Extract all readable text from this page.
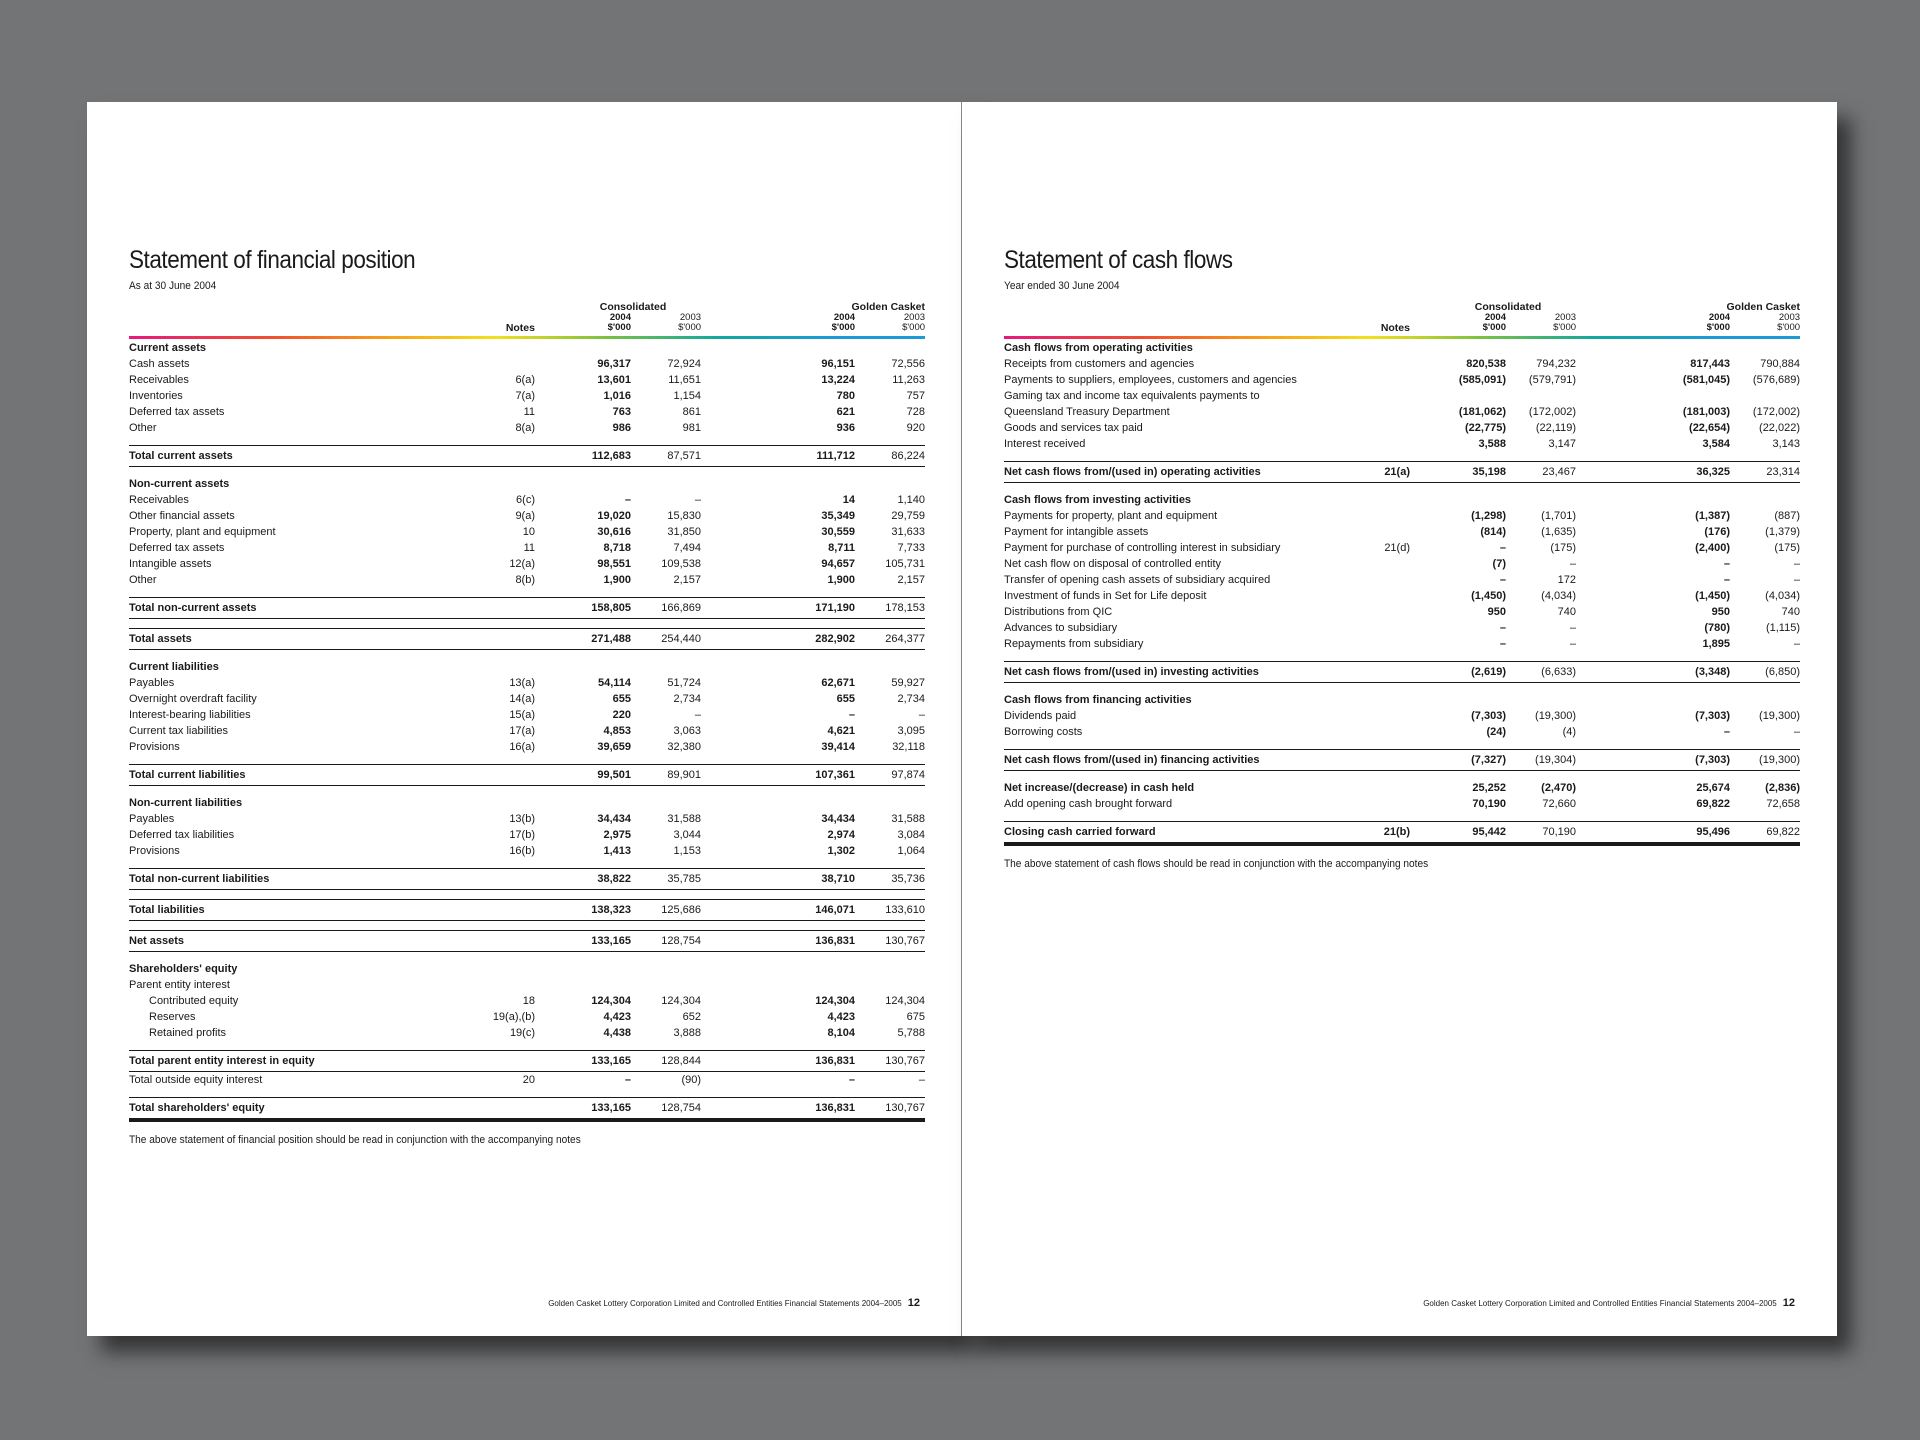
Statement of financial position
As at 30 June 2004
		Consolidated			Golden Casket	
		2004	2003		2004	2003
	Notes	$'000	$'000		$'000	$'000

Current assets						
Cash assets		96,317	72,924		96,151	72,556
Receivables	6(a)	13,601	11,651		13,224	11,263
Inventories	7(a)	1,016	1,154		780	757
Deferred tax assets	11	763	861		621	728
Other	8(a)	986	981		936	920

Total current assets		112,683	87,571		111,712	86,224

Non-current assets						
Receivables	6(c)	–	–		14	1,140
Other financial assets	9(a)	19,020	15,830		35,349	29,759
Property, plant and equipment	10	30,616	31,850		30,559	31,633
Deferred tax assets	11	8,718	7,494		8,711	7,733
Intangible assets	12(a)	98,551	109,538		94,657	105,731
Other	8(b)	1,900	2,157		1,900	2,157

Total non-current assets		158,805	166,869		171,190	178,153

Total assets		271,488	254,440		282,902	264,377

Current liabilities						
Payables	13(a)	54,114	51,724		62,671	59,927
Overnight overdraft facility	14(a)	655	2,734		655	2,734
Interest-bearing liabilities	15(a)	220	–		–	–
Current tax liabilities	17(a)	4,853	3,063		4,621	3,095
Provisions	16(a)	39,659	32,380		39,414	32,118

Total current liabilities		99,501	89,901		107,361	97,874

Non-current liabilities						
Payables	13(b)	34,434	31,588		34,434	31,588
Deferred tax liabilities	17(b)	2,975	3,044		2,974	3,084
Provisions	16(b)	1,413	1,153		1,302	1,064

Total non-current liabilities		38,822	35,785		38,710	35,736

Total liabilities		138,323	125,686		146,071	133,610

Net assets		133,165	128,754		136,831	130,767

Shareholders' equity						
Parent entity interest						
Contributed equity	18	124,304	124,304		124,304	124,304
Reserves	19(a),(b)	4,423	652		4,423	675
Retained profits	19(c)	4,438	3,888		8,104	5,788

Total parent entity interest in equity		133,165	128,844		136,831	130,767
Total outside equity interest	20	–	(90)		–	–

Total shareholders' equity		133,165	128,754		136,831	130,767
The above statement of financial position should be read in conjunction with the accompanying notes
Golden Casket Lottery Corporation Limited and Controlled Entities Financial Statements 2004–2005 12
Statement of cash flows
Year ended 30 June 2004
		Consolidated			Golden Casket	
		2004	2003		2004	2003
	Notes	$'000	$'000		$'000	$'000

Cash flows from operating activities						
Receipts from customers and agencies		820,538	794,232		817,443	790,884
Payments to suppliers, employees, customers and agencies		(585,091)	(579,791)		(581,045)	(576,689)
Gaming tax and income tax equivalents payments to						
Queensland Treasury Department		(181,062)	(172,002)		(181,003)	(172,002)
Goods and services tax paid		(22,775)	(22,119)		(22,654)	(22,022)
Interest received		3,588	3,147		3,584	3,143

Net cash flows from/(used in) operating activities	21(a)	35,198	23,467		36,325	23,314

Cash flows from investing activities						
Payments for property, plant and equipment		(1,298)	(1,701)		(1,387)	(887)
Payment for intangible assets		(814)	(1,635)		(176)	(1,379)
Payment for purchase of controlling interest in subsidiary	21(d)	–	(175)		(2,400)	(175)
Net cash flow on disposal of controlled entity		(7)	–		–	–
Transfer of opening cash assets of subsidiary acquired		–	172		–	–
Investment of funds in Set for Life deposit		(1,450)	(4,034)		(1,450)	(4,034)
Distributions from QIC		950	740		950	740
Advances to subsidiary		–	–		(780)	(1,115)
Repayments from subsidiary		–	–		1,895	–

Net cash flows from/(used in) investing activities		(2,619)	(6,633)		(3,348)	(6,850)

Cash flows from financing activities						
Dividends paid		(7,303)	(19,300)		(7,303)	(19,300)
Borrowing costs		(24)	(4)		–	–

Net cash flows from/(used in) financing activities		(7,327)	(19,304)		(7,303)	(19,300)

Net increase/(decrease) in cash held		25,252	(2,470)		25,674	(2,836)
Add opening cash brought forward		70,190	72,660		69,822	72,658

Closing cash carried forward	21(b)	95,442	70,190		95,496	69,822
The above statement of cash flows should be read in conjunction with the accompanying notes
Golden Casket Lottery Corporation Limited and Controlled Entities Financial Statements 2004–2005 12
